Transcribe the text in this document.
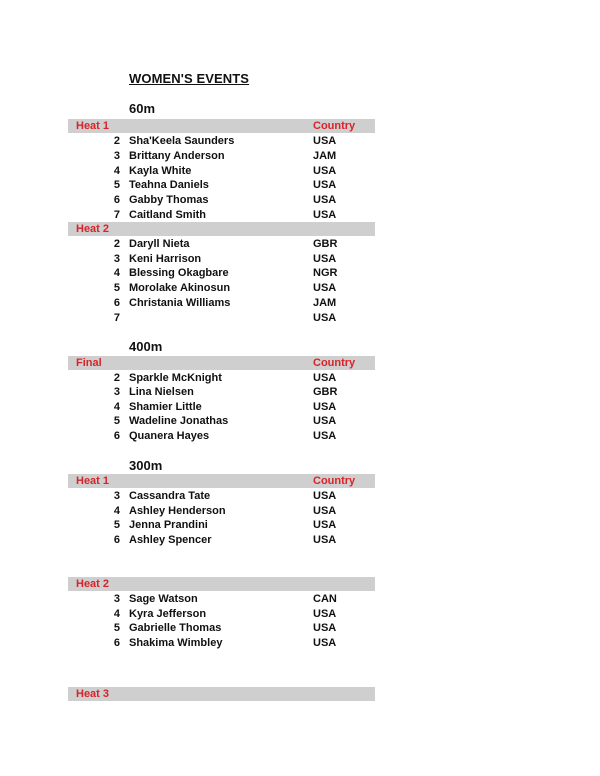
WOMEN'S EVENTS
60m
Heat 1	Country
2 Sha'Keela Saunders	USA
3 Brittany Anderson	JAM
4 Kayla White	USA
5 Teahna Daniels	USA
6 Gabby Thomas	USA
7 Caitland Smith	USA
Heat 2
2 Daryll Nieta	GBR
3 Keni Harrison	USA
4 Blessing Okagbare	NGR
5 Morolake Akinosun	USA
6 Christania Williams	JAM
7	USA
400m
Final	Country
2 Sparkle McKnight	USA
3 Lina Nielsen	GBR
4 Shamier Little	USA
5 Wadeline Jonathas	USA
6 Quanera Hayes	USA
300m
Heat 1	Country
3 Cassandra Tate	USA
4 Ashley Henderson	USA
5 Jenna Prandini	USA
6 Ashley Spencer	USA
Heat 2
3 Sage Watson	CAN
4 Kyra Jefferson	USA
5 Gabrielle Thomas	USA
6 Shakima Wimbley	USA
Heat 3
